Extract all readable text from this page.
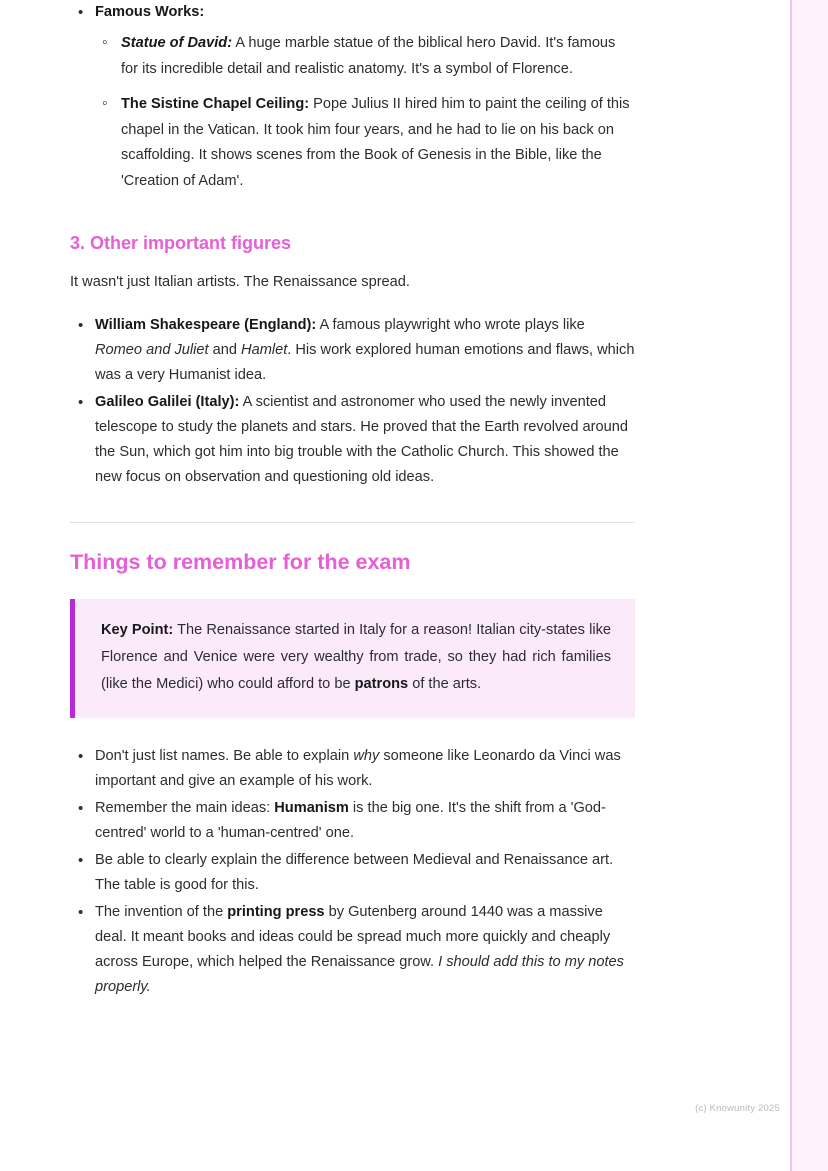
• Famous Works:
◦ Statue of David: A huge marble statue of the biblical hero David. It's famous for its incredible detail and realistic anatomy. It's a symbol of Florence.
◦ The Sistine Chapel Ceiling: Pope Julius II hired him to paint the ceiling of this chapel in the Vatican. It took him four years, and he had to lie on his back on scaffolding. It shows scenes from the Book of Genesis in the Bible, like the 'Creation of Adam'.
3. Other important figures

It wasn't just Italian artists. The Renaissance spread.

• William Shakespeare (England): A famous playwright who wrote plays like Romeo and Juliet and Hamlet. His work explored human emotions and flaws, which was a very Humanist idea.
• Galileo Galilei (Italy): A scientist and astronomer who used the newly invented telescope to study the planets and stars. He proved that the Earth revolved around the Sun, which got him into big trouble with the Catholic Church. This showed the new focus on observation and questioning old ideas.
Things to remember for the exam
Key Point: The Renaissance started in Italy for a reason! Italian city-states like Florence and Venice were very wealthy from trade, so they had rich families (like the Medici) who could afford to be patrons of the arts.
• Don't just list names. Be able to explain why someone like Leonardo da Vinci was important and give an example of his work.
• Remember the main ideas: Humanism is the big one. It's the shift from a 'God-centred' world to a 'human-centred' one.
• Be able to clearly explain the difference between Medieval and Renaissance art. The table is good for this.
• The invention of the printing press by Gutenberg around 1440 was a massive deal. It meant books and ideas could be spread much more quickly and cheaply across Europe, which helped the Renaissance grow. I should add this to my notes properly.
(c) Knowunity 2025
